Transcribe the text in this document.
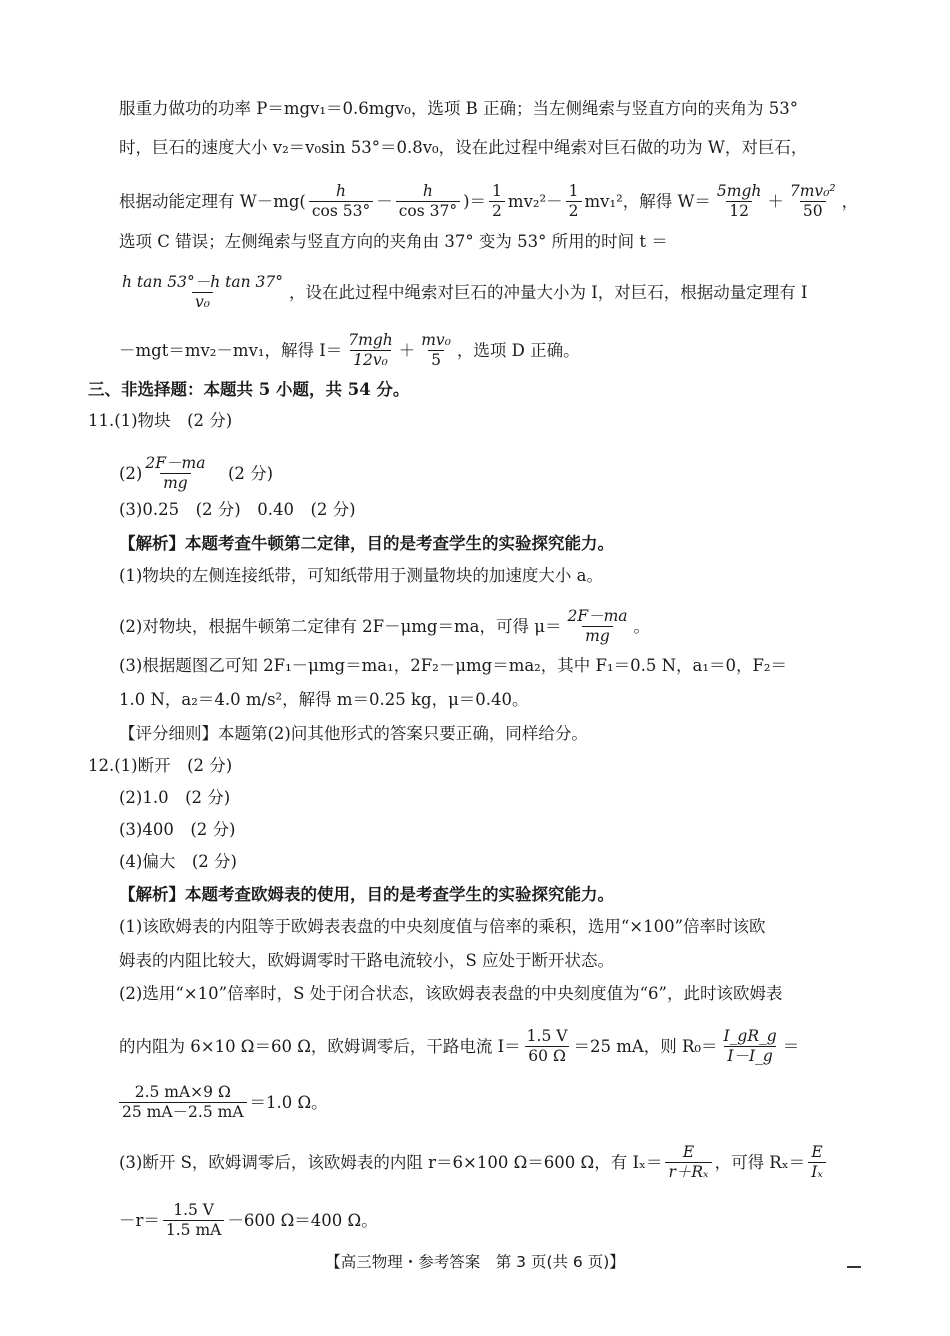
服重力做功的功率 P＝mgv₁＝0.6mgv₀，选项 B 正确；当左侧绳索与竖直方向的夹角为 53°
时，巨石的速度大小 v₂＝v₀sin 53°＝0.8v₀，设在此过程中绳索对巨石做的功为 W，对巨石，
根据动能定理有 $W-mg( \frac{h}{\cos 53^\circ} - \frac{h}{\cos 37^\circ}$ )＝ $\frac{1}{2} mv_2^2- \frac{1}{2} mv_1^2$，解得 $W= \frac{\text{5mgh}}{12} + \frac{\text{7mv₀²}}{50}$ ，
选项 C 错误；左侧绳索与竖直方向的夹角由 37° 变为 53° 所用的时间 t ＝
$\frac{\text{h tan 53°－h tan 37°}}{\text{v₀}}$ ，设在此过程中绳索对巨石的冲量大小为 I，对巨石，根据动量定理有 I
－mgt＝mv₂－mv₁，解得 $I= \frac{\text{7mgh}}{\text{12v₀}} + \frac{\text{mv₀}}{5}$ ，选项 D 正确。
三、非选择题：本题共 5 小题，共 54 分。
11.(1)物块　(2 分)
$(2) \frac{2F-ma}{mg}$ 　(2 分)
(3)0.25　(2 分)　0.40　(2 分)
【解析】本题考查牛顿第二定律，目的是考查学生的实验探究能力。
(1)物块的左侧连接纸带，可知纸带用于测量物块的加速度大小 a。
(2)对物块，根据牛顿第二定律有 2F－μmg＝ma，可得 $\mu= \frac{2F-ma}{mg}$ 。
(3)根据题图乙可知 2F₁－μmg＝ma₁，2F₂－μmg＝ma₂，其中 F₁＝0.5 N，a₁＝0，F₂＝
1.0 N，a₂＝4.0 m/s²，解得 m＝0.25 kg，μ＝0.40。
【评分细则】本题第(2)问其他形式的答案只要正确，同样给分。
12.(1)断开　(2 分)
(2)1.0　(2 分)
(3)400　(2 分)
(4)偏大　(2 分)
【解析】本题考查欧姆表的使用，目的是考查学生的实验探究能力。
(1)该欧姆表的内阻等于欧姆表表盘的中央刻度值与倍率的乘积，选用“×100”倍率时该欧
姆表的内阻比较大，欧姆调零时干路电流较小，S 应处于断开状态。
(2)选用“×10”倍率时，S 处于闭合状态，该欧姆表表盘的中央刻度值为“6”，此时该欧姆表
的内阻为 6×10 Ω＝60 Ω，欧姆调零后，干路电流 $I= \frac{1.5 V}{60 \Omega} =25$ mA，则 $R_0= \frac{I\_gR\_g}{I-I\_g}$ ＝
$\frac{2.5 mA\times 9 \Omega}{25 mA-2.5 mA} =1.0$ Ω。
(3)断开 S，欧姆调零后，该欧姆表的内阻 r＝6×100 Ω＝600 Ω，有 $I_x= \frac{E}{\text{r＋Rₓ}}$ ，可得 $R_x= \frac{E}{\text{Iₓ}}$
$-r= \frac{1.5 V}{1.5 mA} -600$ Ω＝400 Ω。
【高三物理・参考答案　第 3 页(共 6 页)】
